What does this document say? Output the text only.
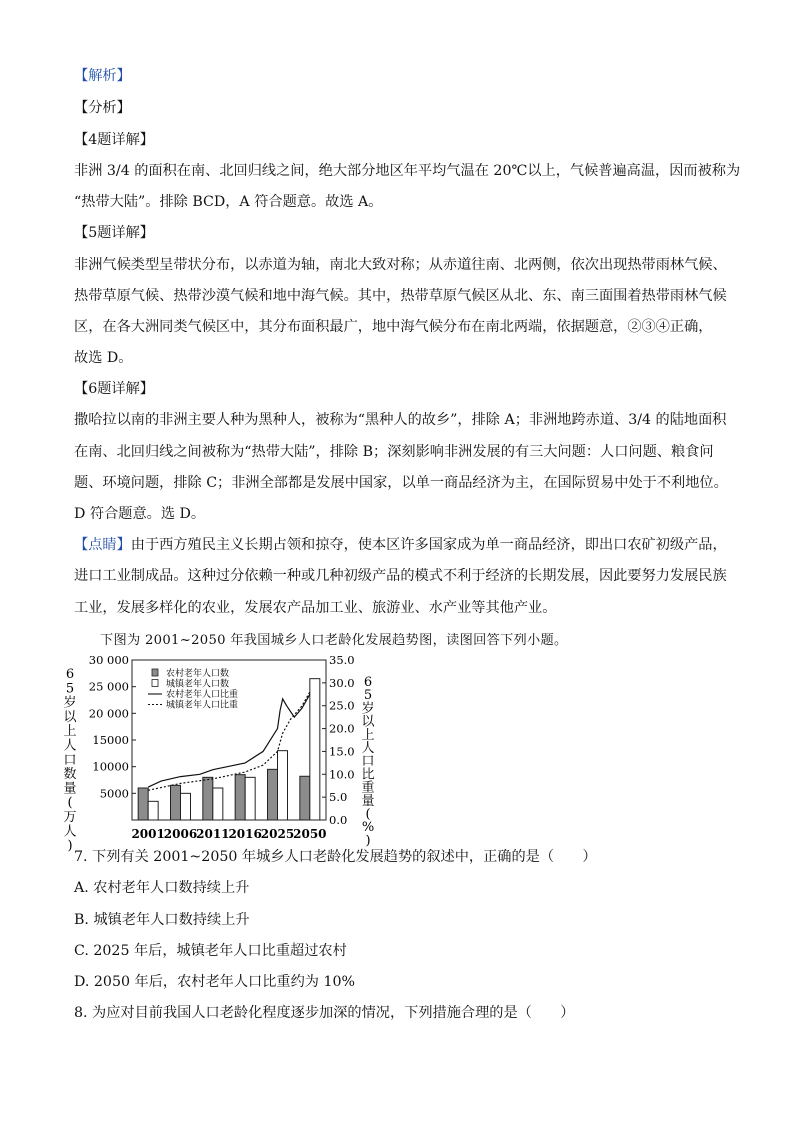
【解析】
【分析】
【4题详解】
非洲 3/4 的面积在南、北回归线之间，绝大部分地区年平均气温在 20℃以上，气候普遍高温，因而被称为
“热带大陆”。排除 BCD，A 符合题意。故选 A。
【5题详解】
非洲气候类型呈带状分布，以赤道为轴，南北大致对称；从赤道往南、北两侧，依次出现热带雨林气候、
热带草原气候、热带沙漠气候和地中海气候。其中，热带草原气候区从北、东、南三面围着热带雨林气候
区，在各大洲同类气候区中，其分布面积最广，地中海气候分布在南北两端，依据题意，②③④正确，
故选 D。
【6题详解】
撒哈拉以南的非洲主要人种为黑种人，被称为“黑种人的故乡”，排除 A；非洲地跨赤道、3/4 的陆地面积
在南、北回归线之间被称为“热带大陆”，排除 B；深刻影响非洲发展的有三大问题：人口问题、粮食问
题、环境问题，排除 C；非洲全部都是发展中国家，以单一商品经济为主，在国际贸易中处于不利地位。
D 符合题意。选 D。
【点睛】由于西方殖民主义长期占领和掠夺，使本区许多国家成为单一商品经济，即出口农矿初级产品，
进口工业制成品。这种过分依赖一种或几种初级产品的模式不利于经济的长期发展，因此要努力发展民族
工业，发展多样化的农业，发展农产品加工业、旅游业、水产业等其他产业。
下图为 2001~2050 年我国城乡人口老龄化发展趋势图，读图回答下列小题。
30 000
25 000
20 000
15000
10000
5000
35.0
30.0
25.0
20.0
15.0
10.0
5.0
0.0
2001
2006
2011
2016
2025
2050
农村老年人口数
城镇老年人口数
农村老年人口比重
城镇老年人口比重
6
5
岁
以
上
人
口
数
量
(
万
人
)
6
5
岁
以
上
人
口
比
重
量
(
%
)
7. 下列有关 2001~2050 年城乡人口老龄化发展趋势的叙述中，正确的是（　　）
A. 农村老年人口数持续上升
B. 城镇老年人口数持续上升
C. 2025 年后，城镇老年人口比重超过农村
D. 2050 年后，农村老年人口比重约为 10%
8. 为应对目前我国人口老龄化程度逐步加深的情况，下列措施合理的是（　　）
